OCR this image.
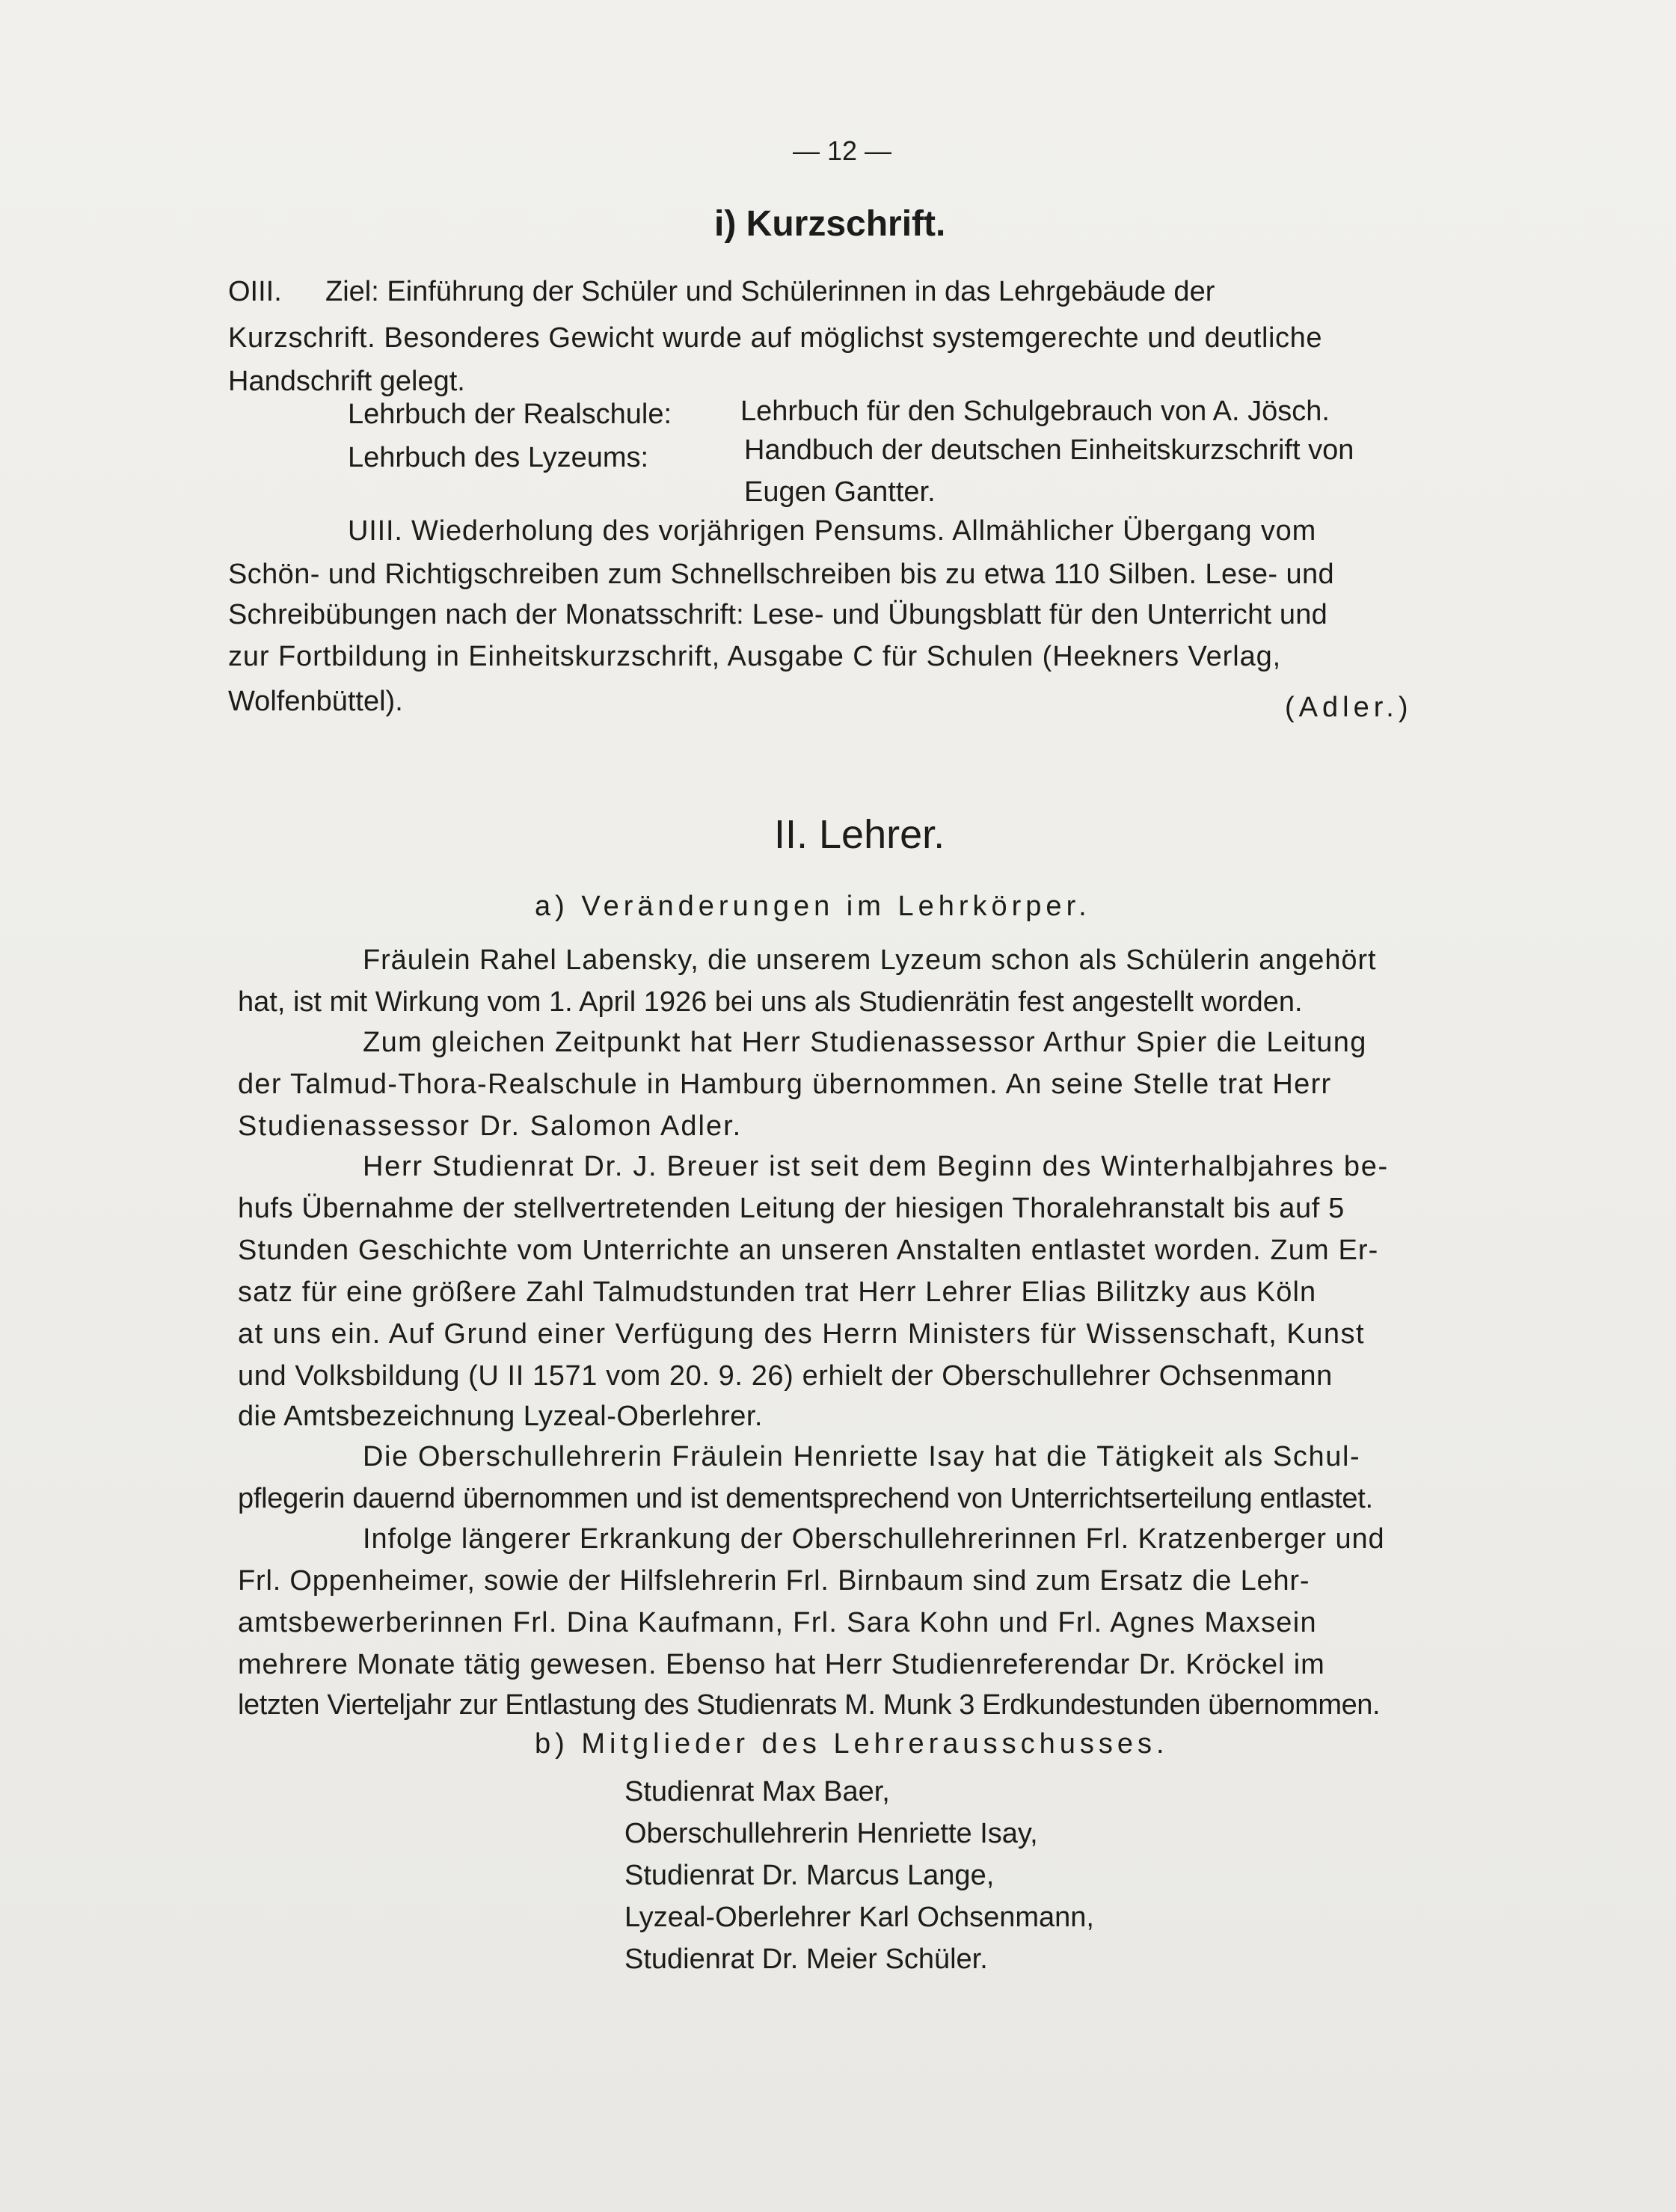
— 12 —
i) Kurzschrift.
OIII. Ziel: Einführung der Schüler und Schülerinnen in das Lehrgebäude der
Kurzschrift. Besonderes Gewicht wurde auf möglichst systemgerechte und deutliche
Handschrift gelegt.
Lehrbuch der Realschule: Lehrbuch für den Schulgebrauch von A. Jösch.
Lehrbuch des Lyzeums:	Handbuch der deutschen Einheitskurzschrift von
Eugen Gantter.
UIII. Wiederholung des vorjährigen Pensums. Allmählicher Übergang vom
Schön- und Richtigschreiben zum Schnellschreiben bis zu etwa 110 Silben. Lese- und
Schreibübungen nach der Monatsschrift: Lese- und Übungsblatt für den Unterricht und
zur Fortbildung in Einheitskurzschrift, Ausgabe C für Schulen (Heekners Verlag,
Wolfenbüttel).	(Adler.)
II. Lehrer.
a) Veränderungen im Lehrkörper.
Fräulein Rahel Labensky, die unserem Lyzeum schon als Schülerin angehört
hat, ist mit Wirkung vom 1. April 1926 bei uns als Studienrätin fest angestellt worden.
Zum gleichen Zeitpunkt hat Herr Studienassessor Arthur Spier die Leitung
der Talmud-Thora-Realschule in Hamburg übernommen. An seine Stelle trat Herr
Studienassessor Dr. Salomon Adler.
Herr Studienrat Dr. J. Breuer ist seit dem Beginn des Winterhalbjahres be-
hufs Übernahme der stellvertretenden Leitung der hiesigen Thoralehranstalt bis auf 5
Stunden Geschichte vom Unterrichte an unseren Anstalten entlastet worden. Zum Er-
satz für eine größere Zahl Talmudstunden trat Herr Lehrer Elias Bilitzky aus Köln
at uns ein. Auf Grund einer Verfügung des Herrn Ministers für Wissenschaft, Kunst
und Volksbildung (U II 1571 vom 20. 9. 26) erhielt der Oberschullehrer Ochsenmann
die Amtsbezeichnung Lyzeal-Oberlehrer.
Die Oberschullehrerin Fräulein Henriette Isay hat die Tätigkeit als Schul-
pflegerin dauernd übernommen und ist dementsprechend von Unterrichtserteilung entlastet.
Infolge längerer Erkrankung der Oberschullehrerinnen Frl. Kratzenberger und
Frl. Oppenheimer, sowie der Hilfslehrerin Frl. Birnbaum sind zum Ersatz die Lehr-
amtsbewerberinnen Frl. Dina Kaufmann, Frl. Sara Kohn und Frl. Agnes Maxsein
mehrere Monate tätig gewesen. Ebenso hat Herr Studienreferendar Dr. Kröckel im
letzten Vierteljahr zur Entlastung des Studienrats M. Munk 3 Erdkundestunden übernommen.
b) Mitglieder des Lehrerausschusses.
Studienrat Max Baer,
Oberschullehrerin Henriette Isay,
Studienrat Dr. Marcus Lange,
Lyzeal-Oberlehrer Karl Ochsenmann,
Studienrat Dr. Meier Schüler.
